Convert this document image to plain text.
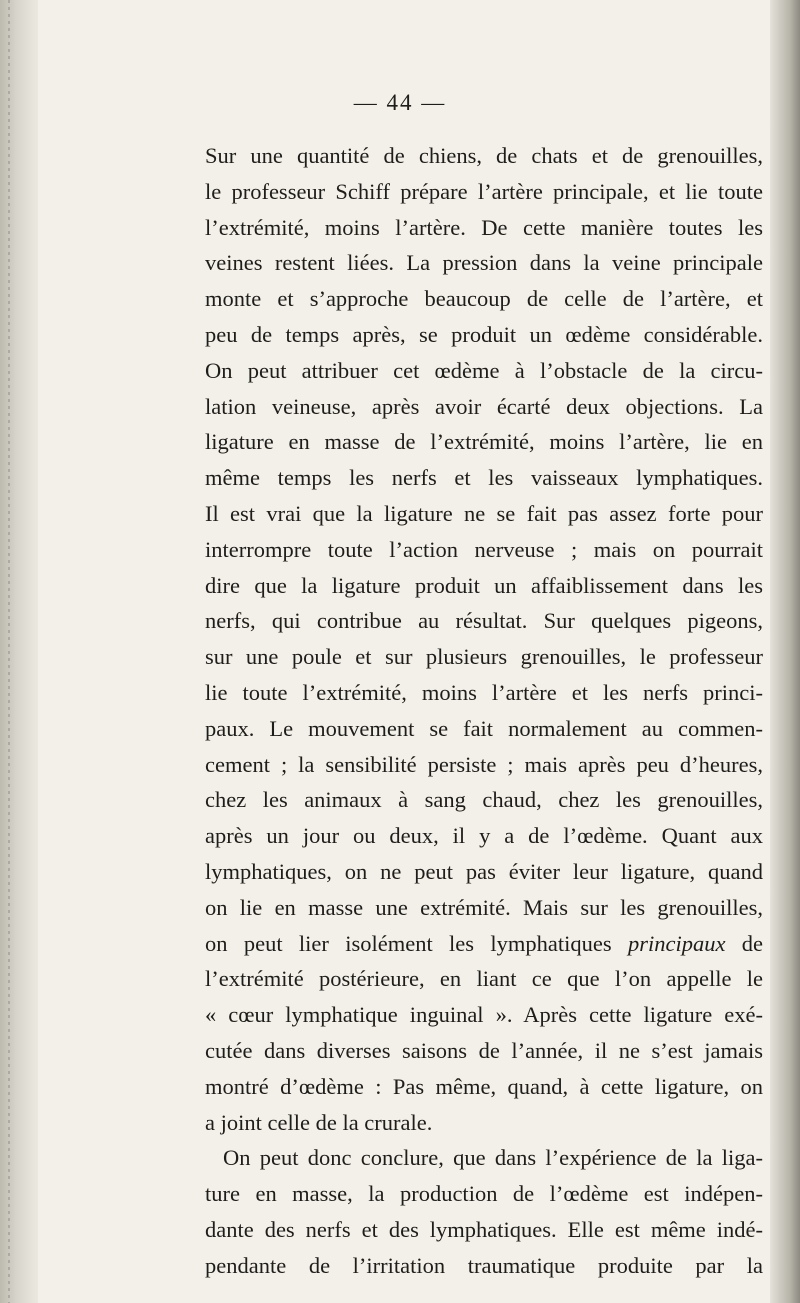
— 44 —
Sur une quantité de chiens, de chats et de grenouilles,
le professeur Schiff prépare l’artère principale, et lie toute
l’extrémité, moins l’artère. De cette manière toutes les
veines restent liées. La pression dans la veine principale
monte et s’approche beaucoup de celle de l’artère, et
peu de temps après, se produit un œdème considérable.
On peut attribuer cet œdème à l’obstacle de la circu-
lation veineuse, après avoir écarté deux objections. La
ligature en masse de l’extrémité, moins l’artère, lie en
même temps les nerfs et les vaisseaux lymphatiques.
Il est vrai que la ligature ne se fait pas assez forte pour
interrompre toute l’action nerveuse ; mais on pourrait
dire que la ligature produit un affaiblissement dans les
nerfs, qui contribue au résultat. Sur quelques pigeons,
sur une poule et sur plusieurs grenouilles, le professeur
lie toute l’extrémité, moins l’artère et les nerfs princi-
paux. Le mouvement se fait normalement au commen-
cement ; la sensibilité persiste ; mais après peu d’heures,
chez les animaux à sang chaud, chez les grenouilles,
après un jour ou deux, il y a de l’œdème. Quant aux
lymphatiques, on ne peut pas éviter leur ligature, quand
on lie en masse une extrémité. Mais sur les grenouilles,
on peut lier isolément les lymphatiques principaux de
l’extrémité postérieure, en liant ce que l’on appelle le
« cœur lymphatique inguinal ». Après cette ligature exé-
cutée dans diverses saisons de l’année, il ne s’est jamais
montré d’œdème : Pas même, quand, à cette ligature, on
a joint celle de la crurale.
On peut donc conclure, que dans l’expérience de la liga-
ture en masse, la production de l’œdème est indépen-
dante des nerfs et des lymphatiques. Elle est même indé-
pendante de l’irritation traumatique produite par la
